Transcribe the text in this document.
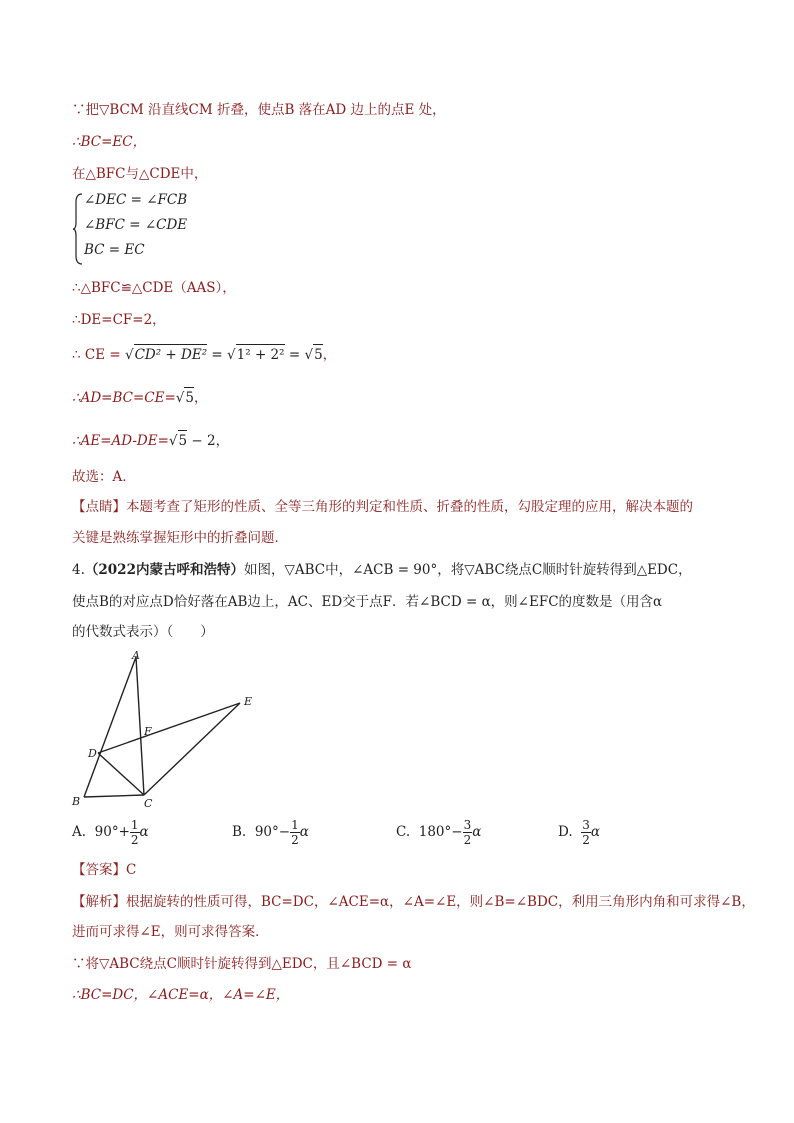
∵把▽BCM 沿直线CM 折叠，使点B 落在AD 边上的点E 处，
∴BC=EC，
在△BFC与△CDE中，
∠DEC = ∠FCB
∠BFC = ∠CDE
BC = EC
∴△BFC≌△CDE（AAS），
∴DE=CF=2，
∴ CE = √CD² + DE² = √1² + 2² = √5，
∴AD=BC=CE=√5，
∴AE=AD-DE=√5 − 2，
故选：A．
【点睛】本题考查了矩形的性质、全等三角形的判定和性质、折叠的性质，勾股定理的应用，解决本题的
关键是熟练掌握矩形中的折叠问题．
4.（2022内蒙古呼和浩特）如图，▽ABC中，∠ACB = 90°，将▽ABC绕点C顺时针旋转得到△EDC，
使点B的对应点D恰好落在AB边上，AC、ED交于点F．若∠BCD = α，则∠EFC的度数是（用含α
的代数式表示）（　　）
A
B	C
D
E
F
A. $90^\circ+ \frac{1}{2}$ α	B. $90^\circ- \frac{1}{2}$ α	C. $180^\circ- \frac{3}{2}$ α	D. $\frac{3}{2}$ α
【答案】C
【解析】根据旋转的性质可得，BC=DC，∠ACE=α，∠A=∠E，则∠B=∠BDC，利用三角形内角和可求得∠B，
进而可求得∠E，则可求得答案．
∵将▽ABC绕点C顺时针旋转得到△EDC，且∠BCD = α
∴BC=DC，∠ACE=α，∠A=∠E，
